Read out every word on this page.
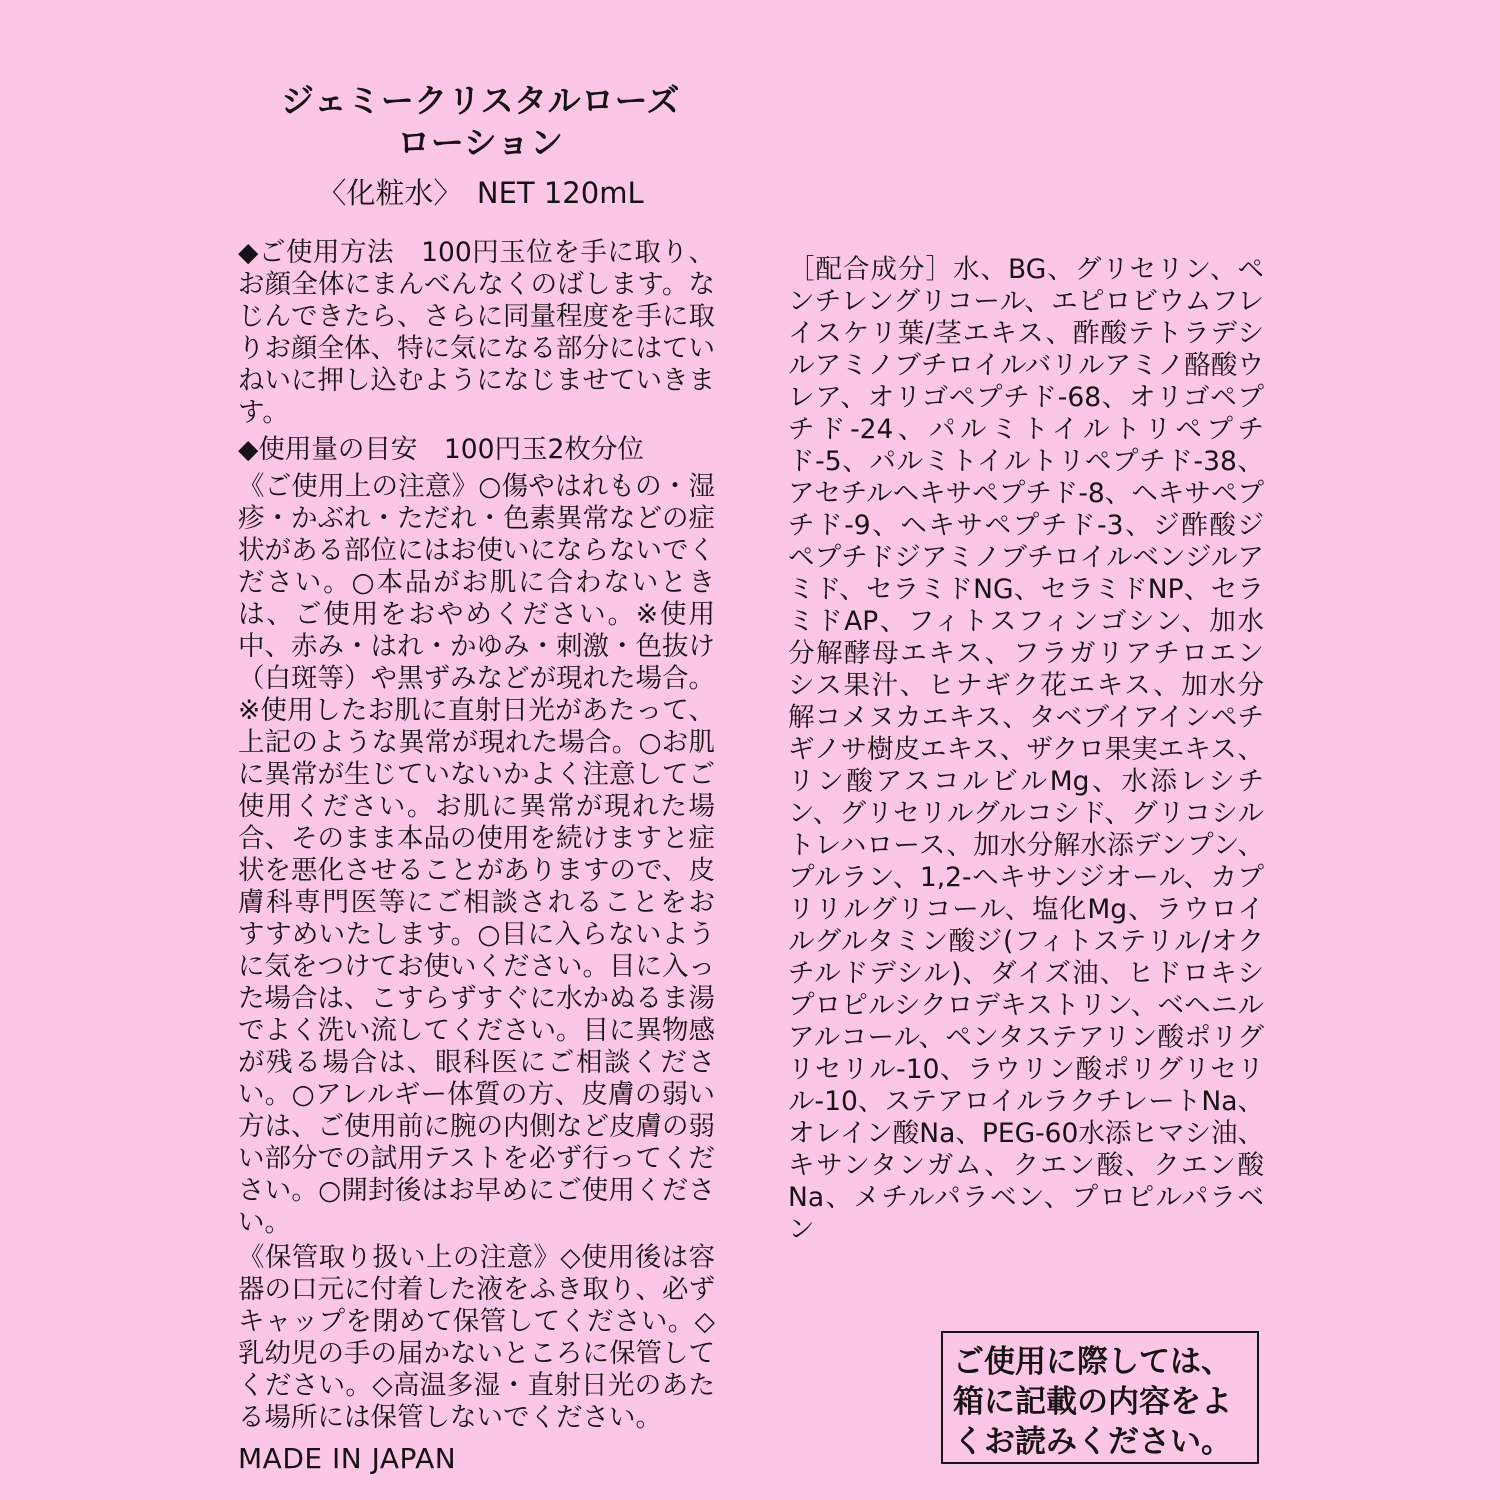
ジェミークリスタルローズ
ローション
〈化粧水〉　NET 120mL

◆ご使用方法　100円玉位を手に取り、お顔全体にまんべんなくのばします。なじんできたら、さらに同量程度を手に取りお顔全体、特に気になる部分にはていねいに押し込むようになじませていきます。

◆使用量の目安　100円玉2枚分位

《ご使用上の注意》○傷やはれもの・湿疹・かぶれ・ただれ・色素異常などの症状がある部位にはお使いにならないでください。○本品がお肌に合わないときは、ご使用をおやめください。※使用中、赤み・はれ・かゆみ・刺激・色抜け（白斑等）や黒ずみなどが現れた場合。※使用したお肌に直射日光があたって、上記のような異常が現れた場合。○お肌に異常が生じていないかよく注意してご使用ください。お肌に異常が現れた場合、そのまま本品の使用を続けますと症状を悪化させることがありますので、皮膚科専門医等にご相談されることをおすすめいたします。○目に入らないように気をつけてお使いください。目に入った場合は、こすらずすぐに水かぬるま湯でよく洗い流してください。目に異物感が残る場合は、眼科医にご相談ください。○アレルギー体質の方、皮膚の弱い方は、ご使用前に腕の内側など皮膚の弱い部分での試用テストを必ず行ってください。○開封後はお早めにご使用ください。

《保管取り扱い上の注意》◇使用後は容器の口元に付着した液をふき取り、必ずキャップを閉めて保管してください。◇乳幼児の手の届かないところに保管してください。◇高温多湿・直射日光のあたる場所には保管しないでください。

［配合成分］水、BG、グリセリン、ペンチレングリコール、エピロビウムフレイスケリ葉/茎エキス、酢酸テトラデシルアミノブチロイルバリルアミノ酪酸ウレア、オリゴペプチド-68、オリゴペプチド-24、パルミトイルトリペプチド-5、パルミトイルトリペプチド-38、アセチルヘキサペプチド-8、ヘキサペプチド-9、ヘキサペプチド-3、ジ酢酸ジペプチドジアミノブチロイルベンジルアミド、セラミドNG、セラミドNP、セラミドAP、フィトスフィンゴシン、加水分解酵母エキス、フラガリアチロエンシス果汁、ヒナギク花エキス、加水分解コメヌカエキス、タベブイアインペチギノサ樹皮エキス、ザクロ果実エキス、リン酸アスコルビルMg、水添レシチン、グリセリルグルコシド、グリコシルトレハロース、加水分解水添デンプン、プルラン、1,2-ヘキサンジオール、カプリリルグリコール、塩化Mg、ラウロイルグルタミン酸ジ(フィトステリル/オクチルドデシル)、ダイズ油、ヒドロキシプロピルシクロデキストリン、ベヘニルアルコール、ペンタステアリン酸ポリグリセリル-10、ラウリン酸ポリグリセリル-10、ステアロイルラクチレートNa、オレイン酸Na、PEG-60水添ヒマシ油、キサンタンガム、クエン酸、クエン酸Na、メチルパラベン、プロピルパラベン
MADE IN JAPAN
ご使用に際しては、箱に記載の内容をよくお読みください。
